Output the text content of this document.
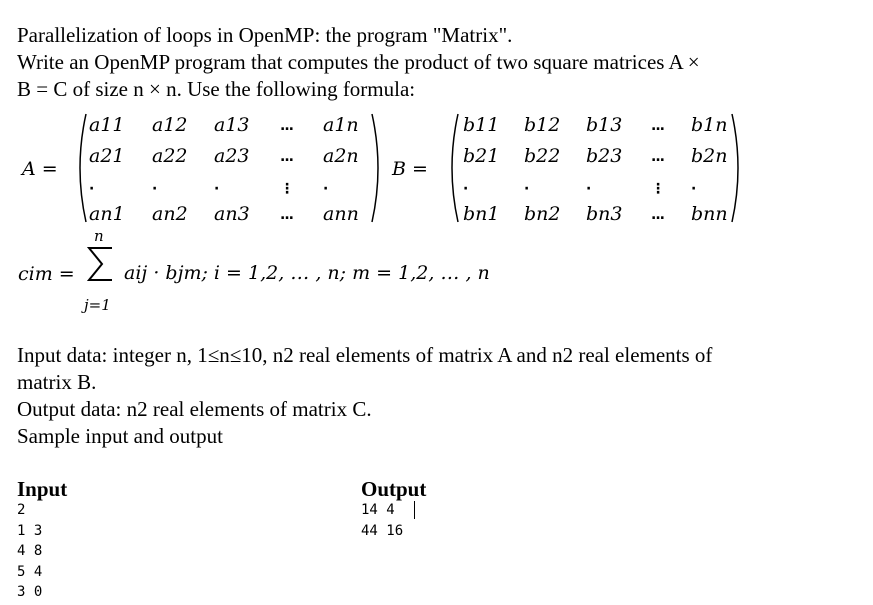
Parallelization of loops in OpenMP: the program "Matrix".
Write an OpenMP program that computes the product of two square matrices A ×
B = C of size n × n. Use the following formula:
A =	B =
a11 a12 a13 ... a1n
a21 a22 a23 ... a2n
·	·	·	⋮ ·
an1 an2 an3 ... ann
b11 b12 b13 ... b1n
b21 b22 b23 ... b2n
·	·	·	⋮ ·
bn1 bn2 bn3 ... bnn
n
j=1
cim =	aij · bjm; i = 1,2, … , n; m = 1,2, … , n
Input data: integer n, 1≤n≤10, n2 real elements of matrix A and n2 real elements of
matrix B.
Output data: n2 real elements of matrix C.
Sample input and output
Input	Output
2
1 3
4 8
5 4
3 0
14 4
44 16
